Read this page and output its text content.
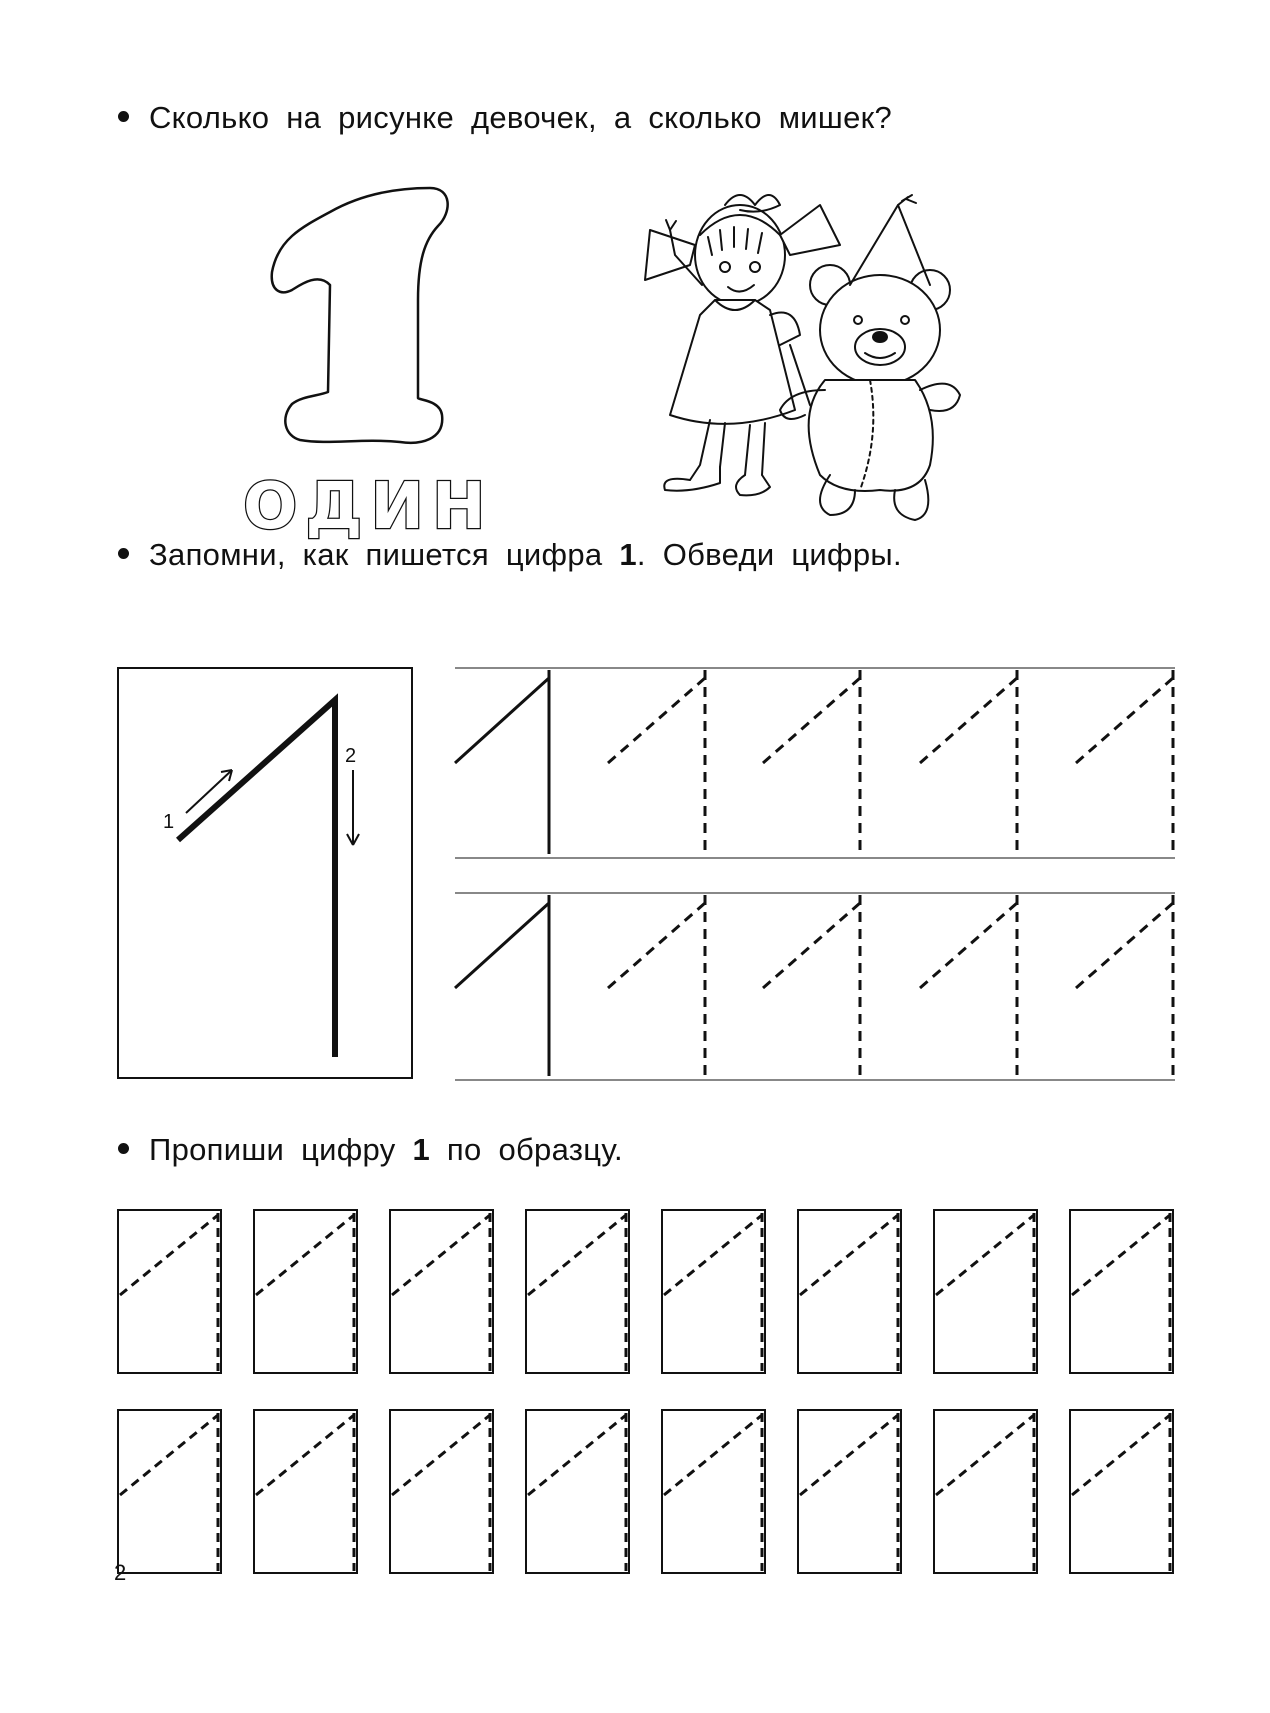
Сколько на рисунке девочек, а сколько мишек?
ОДИН
Запомни, как пишется цифра 1. Обведи цифры.
1
2
Пропиши цифру 1 по образцу.
2
